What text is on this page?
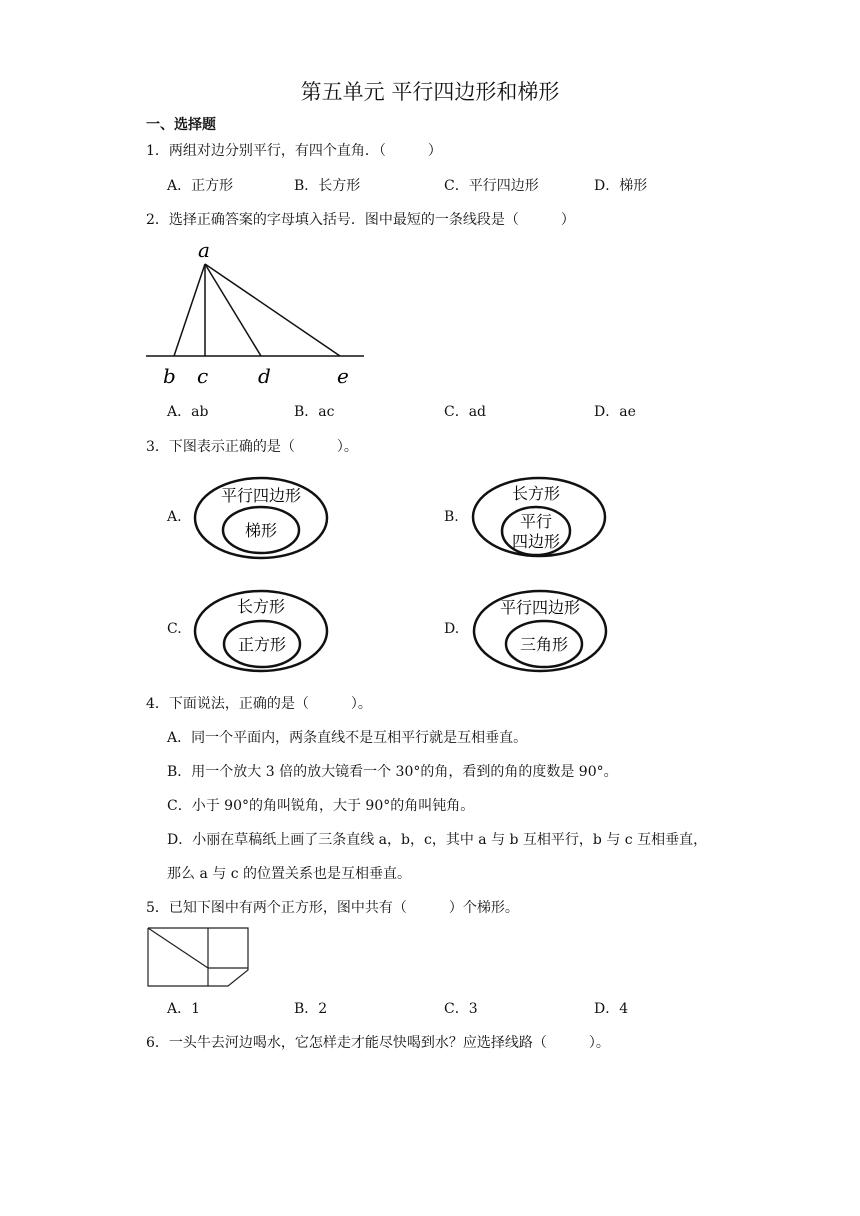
第五单元 平行四边形和梯形
一、选择题
1．两组对边分别平行，有四个直角．（　　　）
A．正方形	B．长方形	C．平行四边形	D．梯形
2．选择正确答案的字母填入括号．图中最短的一条线段是（　　　）
a
b c d	e
A．ab	B．ac	C．ad	D．ae
3．下图表示正确的是（　　　）。
A.
平行四边形
梯形
B.
长方形
平行
四边形
C.
长方形
正方形
D.
平行四边形
三角形
4．下面说法，正确的是（　　　）。
A．同一个平面内，两条直线不是互相平行就是互相垂直。
B．用一个放大 3 倍的放大镜看一个 30°的角，看到的角的度数是 90°。
C．小于 90°的角叫锐角，大于 90°的角叫钝角。
D．小丽在草稿纸上画了三条直线 a，b，c，其中 a 与 b 互相平行，b 与 c 互相垂直，
那么 a 与 c 的位置关系也是互相垂直。
5．已知下图中有两个正方形，图中共有（　　　）个梯形。
A．1	B．2	C．3	D．4
6．一头牛去河边喝水，它怎样走才能尽快喝到水？应选择线路（　　　）。
